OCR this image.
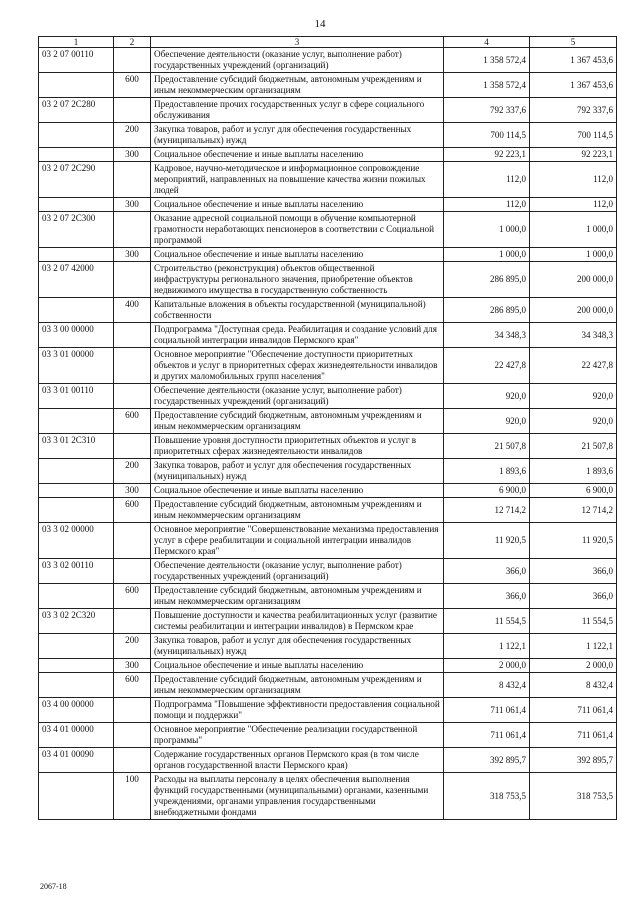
14
1	2	3	4	5
03 2 07 00110		Обеспечение деятельности (оказание услуг, выполнение работ) государственных учреждений (организаций)	1 358 572,4	1 367 453,6
	600	Предоставление субсидий бюджетным, автономным учреждениям и иным некоммерческим организациям	1 358 572,4	1 367 453,6
03 2 07 2С280		Предоставление прочих государственных услуг в сфере социального обслуживания	792 337,6	792 337,6
	200	Закупка товаров, работ и услуг для обеспечения государственных (муниципальных) нужд	700 114,5	700 114,5
	300	Социальное обеспечение и иные выплаты населению	92 223,1	92 223,1
03 2 07 2С290		Кадровое, научно-методическое и информационное сопровождение мероприятий, направленных на повышение качества жизни пожилых людей	112,0	112,0
	300	Социальное обеспечение и иные выплаты населению	112,0	112,0
03 2 07 2С300		Оказание адресной социальной помощи в обучение компьютерной грамотности неработающих пенсионеров в соответствии с Социальной программой	1 000,0	1 000,0
	300	Социальное обеспечение и иные выплаты населению	1 000,0	1 000,0
03 2 07 42000		Строительство (реконструкция) объектов общественной инфраструктуры регионального значения, приобретение объектов недвижимого имущества в государственную собственность	286 895,0	200 000,0
	400	Капитальные вложения в объекты государственной (муниципальной) собственности	286 895,0	200 000,0
03 3 00 00000		Подпрограмма "Доступная среда. Реабилитация и создание условий для социальной интеграции инвалидов Пермского края"	34 348,3	34 348,3
03 3 01 00000		Основное мероприятие "Обеспечение доступности приоритетных объектов и услуг в приоритетных сферах жизнедеятельности инвалидов и других маломобильных групп населения"	22 427,8	22 427,8
03 3 01 00110		Обеспечение деятельности (оказание услуг, выполнение работ) государственных учреждений (организаций)	920,0	920,0
	600	Предоставление субсидий бюджетным, автономным учреждениям и иным некоммерческим организациям	920,0	920,0
03 3 01 2С310		Повышение уровня доступности приоритетных объектов и услуг в приоритетных сферах жизнедеятельности инвалидов	21 507,8	21 507,8
	200	Закупка товаров, работ и услуг для обеспечения государственных (муниципальных) нужд	1 893,6	1 893,6
	300	Социальное обеспечение и иные выплаты населению	6 900,0	6 900,0
	600	Предоставление субсидий бюджетным, автономным учреждениям и иным некоммерческим организациям	12 714,2	12 714,2
03 3 02 00000		Основное мероприятие "Совершенствование механизма предоставления услуг в сфере реабилитации и социальной интеграции инвалидов Пермского края"	11 920,5	11 920,5
03 3 02 00110		Обеспечение деятельности (оказание услуг, выполнение работ) государственных учреждений (организаций)	366,0	366,0
	600	Предоставление субсидий бюджетным, автономным учреждениям и иным некоммерческим организациям	366,0	366,0
03 3 02 2С320		Повышение доступности и качества реабилитационных услуг (развитие системы реабилитации и интеграции инвалидов) в Пермском крае	11 554,5	11 554,5
	200	Закупка товаров, работ и услуг для обеспечения государственных (муниципальных) нужд	1 122,1	1 122,1
	300	Социальное обеспечение и иные выплаты населению	2 000,0	2 000,0
	600	Предоставление субсидий бюджетным, автономным учреждениям и иным некоммерческим организациям	8 432,4	8 432,4
03 4 00 00000		Подпрограмма "Повышение эффективности предоставления социальной помощи и поддержки"	711 061,4	711 061,4
03 4 01 00000		Основное мероприятие "Обеспечение реализации государственной программы"	711 061,4	711 061,4
03 4 01 00090		Содержание государственных органов Пермского края (в том числе органов государственной власти Пермского края)	392 895,7	392 895,7
	100	Расходы на выплаты персоналу в целях обеспечения выполнения функций государственными (муниципальными) органами, казенными учреждениями, органами управления государственными внебюджетными фондами	318 753,5	318 753,5
2067-18
